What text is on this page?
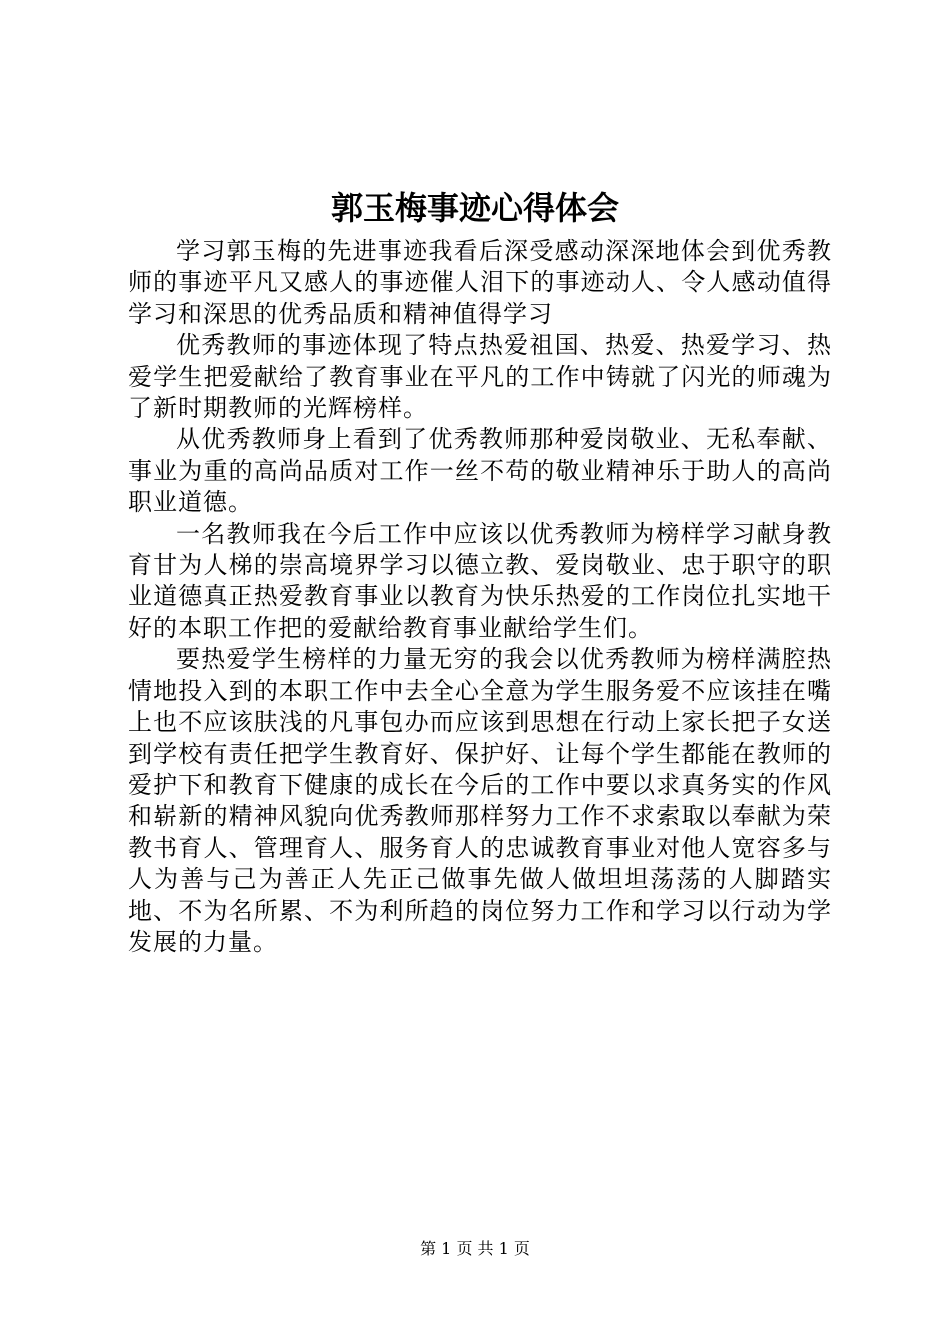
郭玉梅事迹心得体会

学习郭玉梅的先进事迹我看后深受感动深深地体会到优秀教师的事迹平凡又感人的事迹催人泪下的事迹动人、令人感动值得学习和深思的优秀品质和精神值得学习

优秀教师的事迹体现了特点热爱祖国、热爱、热爱学习、热爱学生把爱献给了教育事业在平凡的工作中铸就了闪光的师魂为了新时期教师的光辉榜样。

从优秀教师身上看到了优秀教师那种爱岗敬业、无私奉献、事业为重的高尚品质对工作一丝不苟的敬业精神乐于助人的高尚职业道德。

一名教师我在今后工作中应该以优秀教师为榜样学习献身教育甘为人梯的崇高境界学习以德立教、爱岗敬业、忠于职守的职业道德真正热爱教育事业以教育为快乐热爱的工作岗位扎实地干好的本职工作把的爱献给教育事业献给学生们。

要热爱学生榜样的力量无穷的我会以优秀教师为榜样满腔热情地投入到的本职工作中去全心全意为学生服务爱不应该挂在嘴上也不应该肤浅的凡事包办而应该到思想在行动上家长把子女送到学校有责任把学生教育好、保护好、让每个学生都能在教师的爱护下和教育下健康的成长在今后的工作中要以求真务实的作风和崭新的精神风貌向优秀教师那样努力工作不求索取以奉献为荣教书育人、管理育人、服务育人的忠诚教育事业对他人宽容多与人为善与己为善正人先正己做事先做人做坦坦荡荡的人脚踏实地、不为名所累、不为利所趋的岗位努力工作和学习以行动为学发展的力量。

第 1 页 共 1 页
